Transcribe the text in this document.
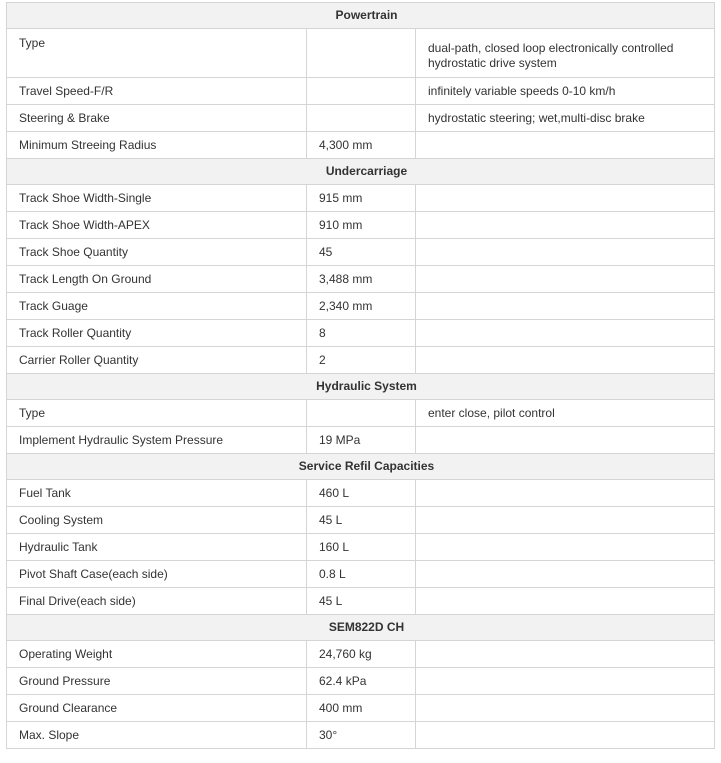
Powertrain		
Type		dual-path, closed loop electronically controlled hydrostatic drive system
Travel Speed-F/R		infinitely variable speeds 0-10 km/h
Steering & Brake		hydrostatic steering; wet,multi-disc brake
Minimum Streeing Radius	4,300 mm	
Undercarriage		
Track Shoe Width-Single	915 mm	
Track Shoe Width-APEX	910 mm	
Track Shoe Quantity	45	
Track Length On Ground	3,488 mm	
Track Guage	2,340 mm	
Track Roller Quantity	8	
Carrier Roller Quantity	2	
Hydraulic System		
Type		enter close, pilot control
Implement Hydraulic System Pressure	19 MPa	
Service Refil Capacities		
Fuel Tank	460 L	
Cooling System	45 L	
Hydraulic Tank	160 L	
Pivot Shaft Case(each side)	0.8 L	
Final Drive(each side)	45 L	
SEM822D CH		
Operating Weight	24,760 kg	
Ground Pressure	62.4 kPa	
Ground Clearance	400 mm	
Max. Slope	30°	
